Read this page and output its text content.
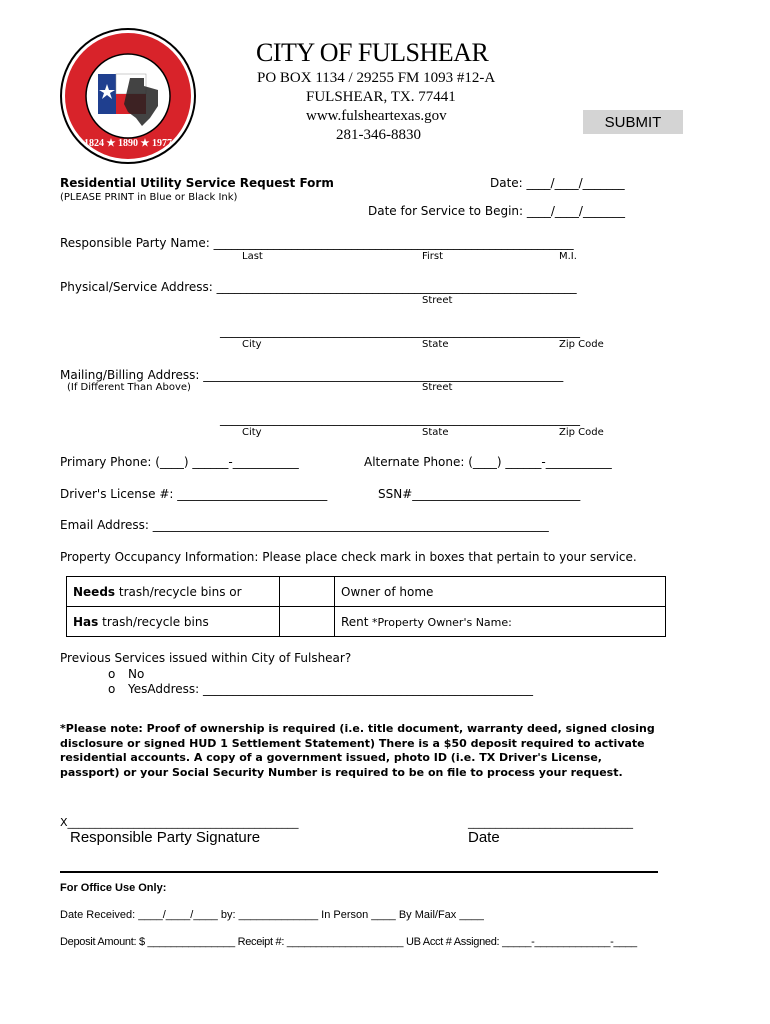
1824 ★ 1890 ★ 1977
CITY OF FULSHEAR
PO BOX 1134 / 29255 FM 1093 #12-A
FULSHEAR, TX. 77441
www.fulsheartexas.gov
281-346-8830
SUBMIT
Residential Utility Service Request Form
(PLEASE PRINT in Blue or Black Ink)
Date: ____/____/_______
Date for Service to Begin: ____/____/_______
Responsible Party Name: ____________________________________________________________
Last	First	M.I.
Physical/Service Address: ____________________________________________________________
Street
____________________________________________________________
City	State	Zip Code
Mailing/Billing Address: ____________________________________________________________
(If Different Than Above)	Street
____________________________________________________________
City	State	Zip Code
Primary Phone: (____) ______-___________	Alternate Phone: (____) ______-___________
Driver's License #: _________________________	SSN#____________________________
Email Address: __________________________________________________________________
Property Occupancy Information: Please place check mark in boxes that pertain to your service.
Needs trash/recycle bins or		Owner of home
Has trash/recycle bins		Rent *Property Owner's Name:
Previous Services issued within City of Fulshear?
o No
o YesAddress: _______________________________________________________
*Please note: Proof of ownership is required (i.e. title document, warranty deed, signed closing disclosure or signed HUD 1 Settlement Statement) There is a $50 deposit required to activate residential accounts. A copy of a government issued, photo ID (i.e. TX Driver's License, passport) or your Social Security Number is required to be on file to process your request.
X__________________________________________
Responsible Party Signature
______________________________
Date
For Office Use Only:
Date Received: ____/____/____ by: _____________ In Person ____ By Mail/Fax ____
Deposit Amount: $ _______________ Receipt #: ____________________ UB Acct # Assigned: _____-_____________-____
